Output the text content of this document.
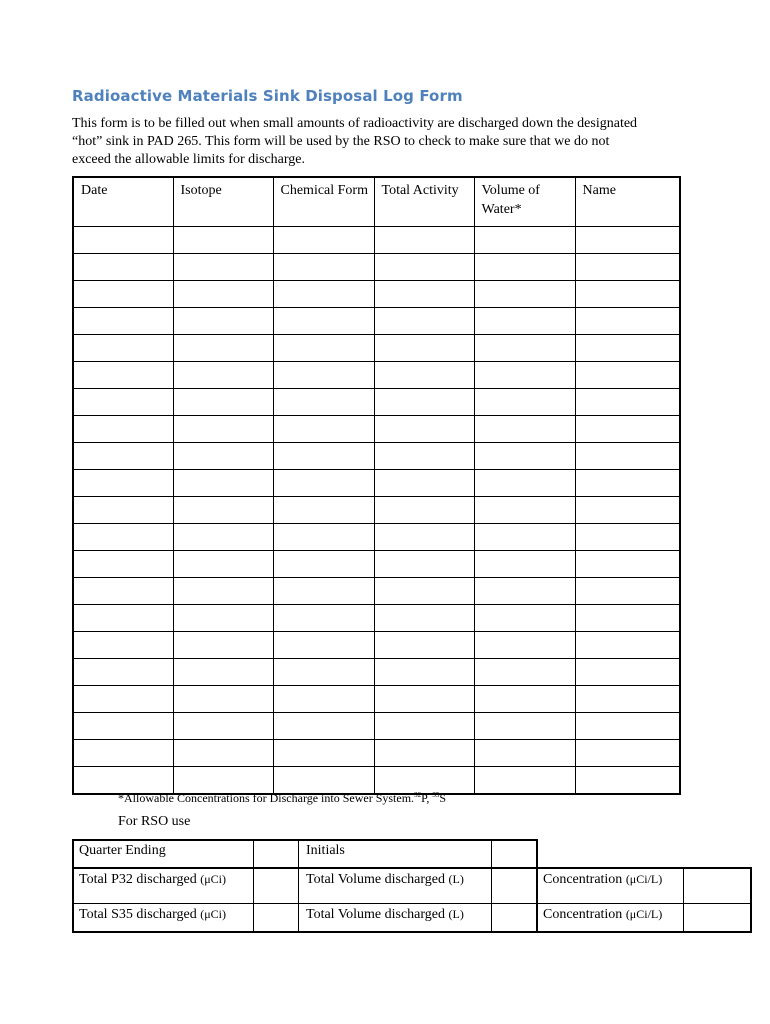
Radioactive Materials Sink Disposal Log Form

This form is to be filled out when small amounts of radioactivity are discharged down the designated

“hot” sink in PAD 265. This form will be used by the RSO to check to make sure that we do not

exceed the allowable limits for discharge.

Date	Isotope	Chemical Form	Total Activity	Volume of Water*	Name

*Allowable Concentrations for Discharge into Sewer System.$^{32}$P, $^{35}$S
For RSO use
Quarter Ending	Initials
Total P32 discharged (μCi)	Total Volume discharged (L)	Concentration (μCi/L)
Total S35 discharged (μCi)	Total Volume discharged (L)	Concentration (μCi/L)
